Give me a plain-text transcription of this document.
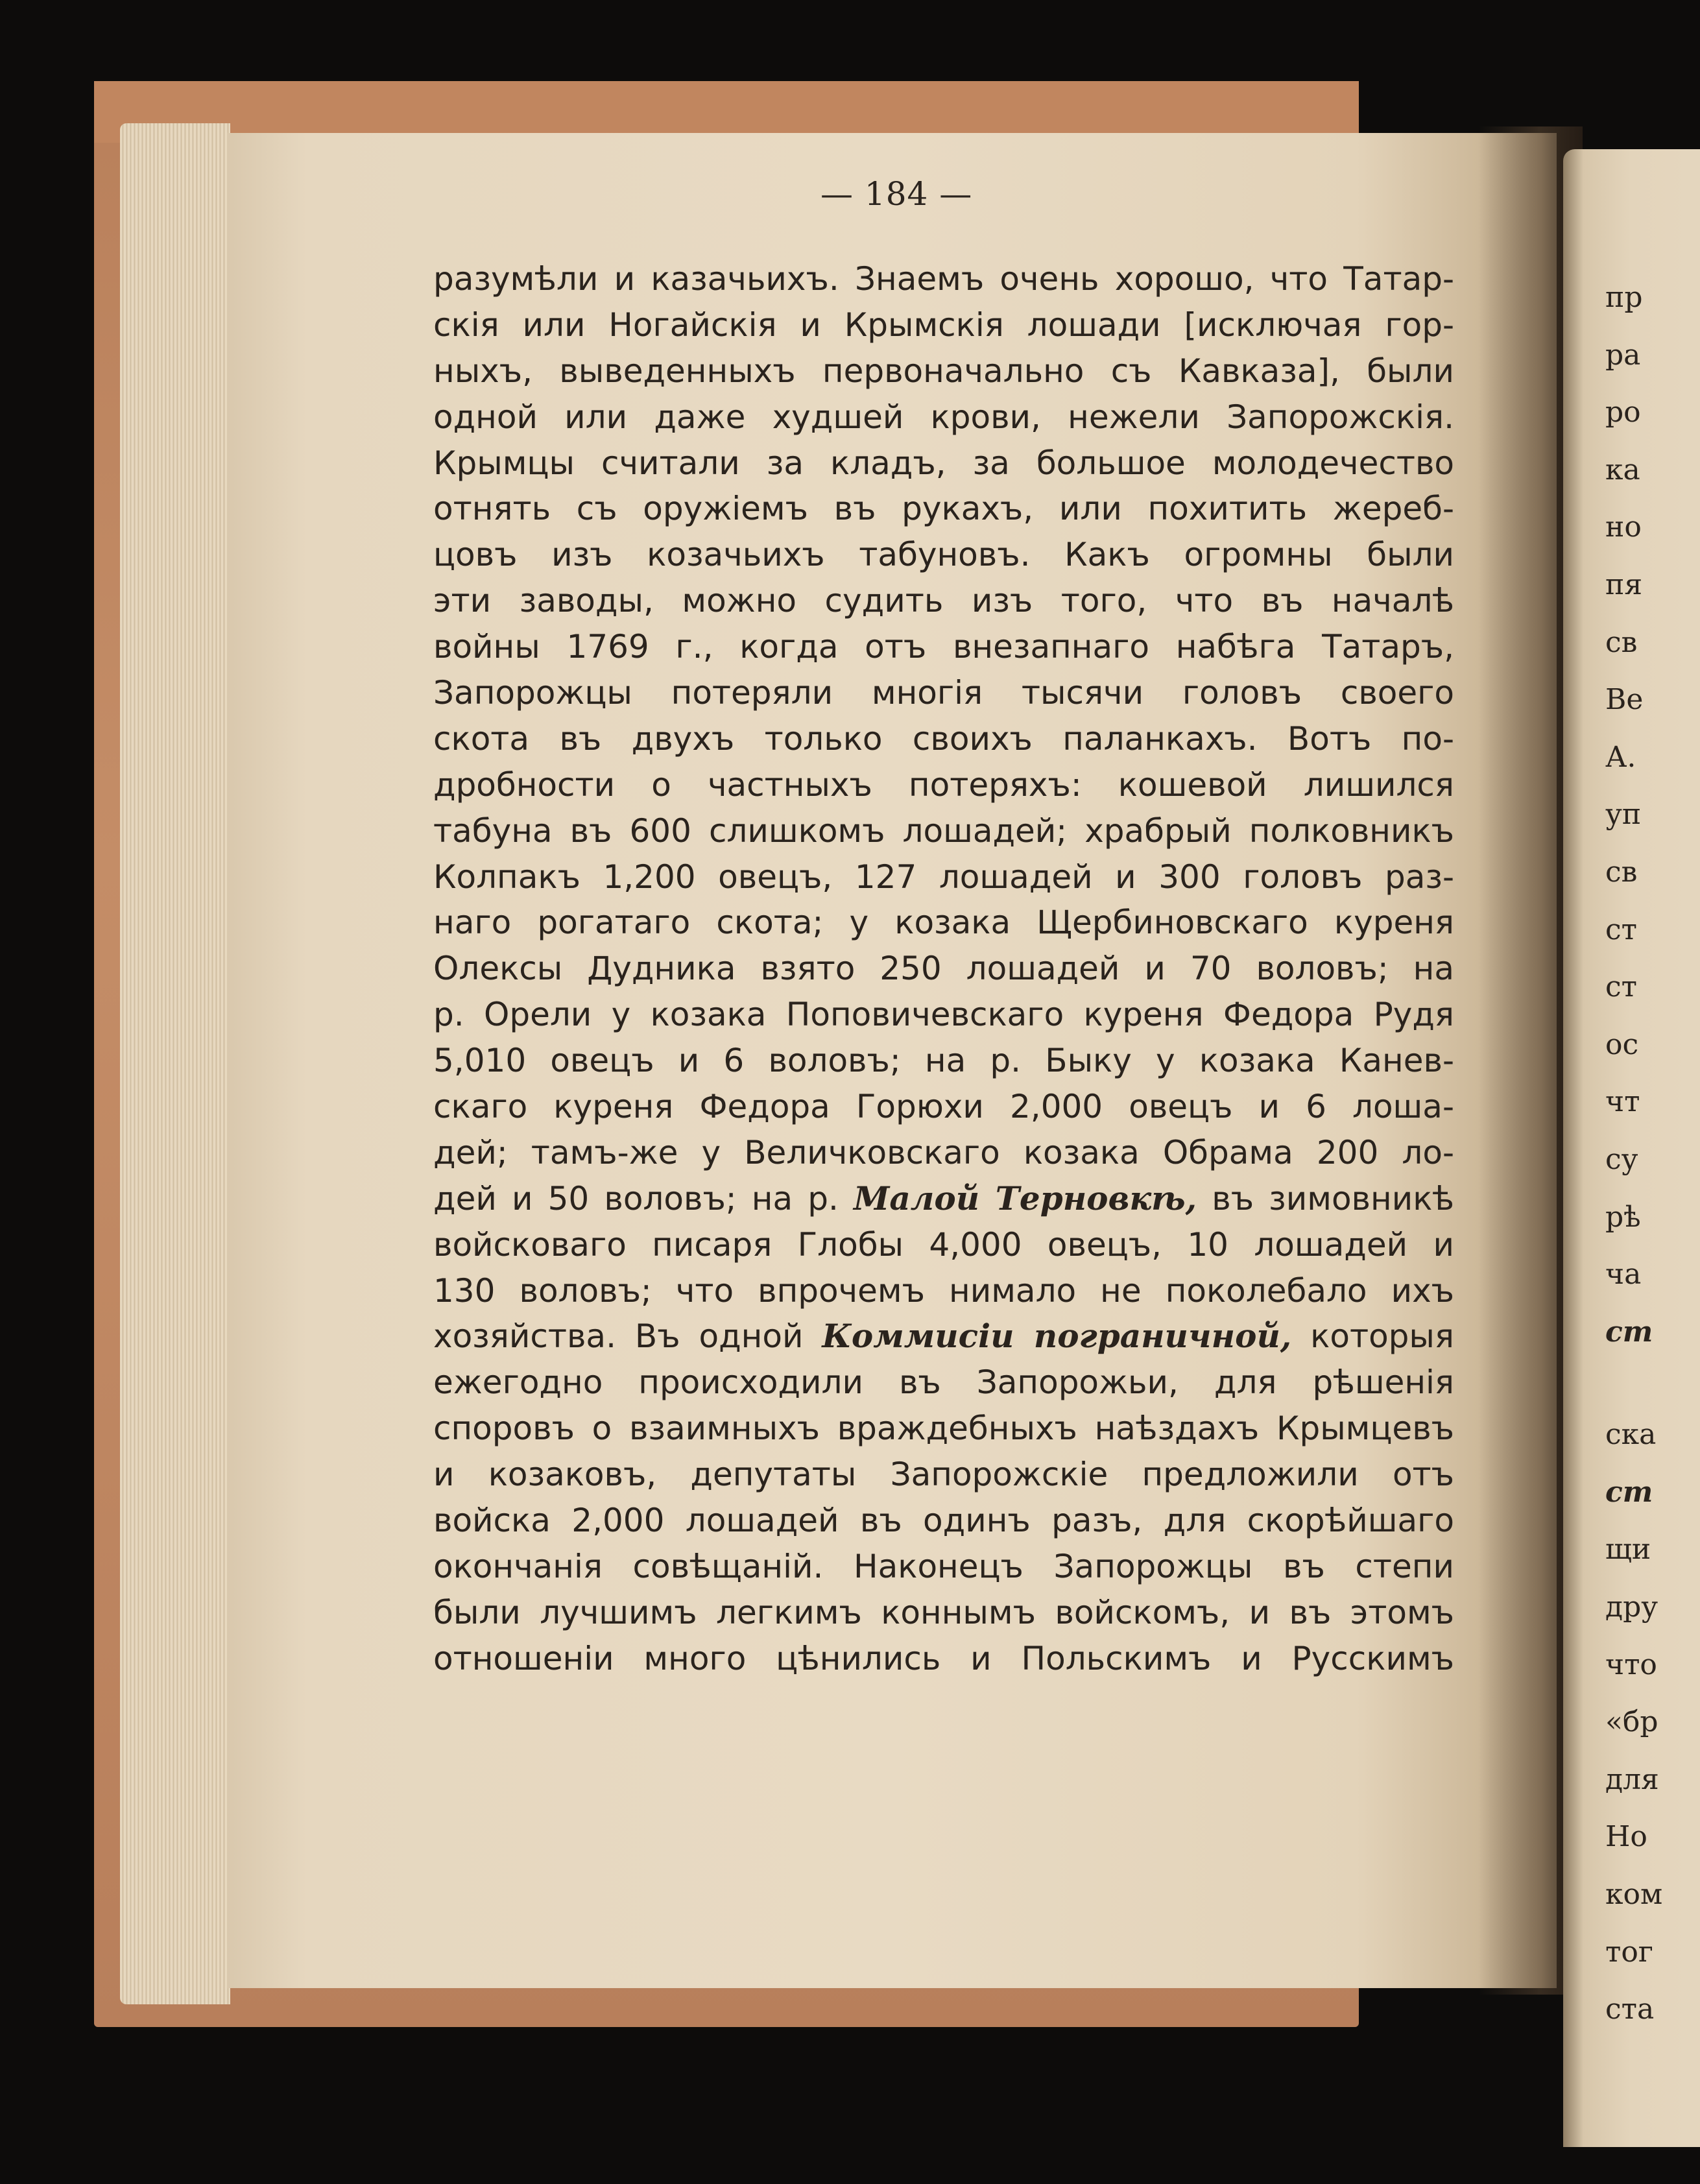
— 184 —
разумѣли и казачьихъ. Знаемъ очень хорошо, что Татар-
скія или Ногайскія и Крымскія лошади [исключая гор-
ныхъ, выведенныхъ первоначально съ Кавказа], были
одной или даже худшей крови, нежели Запорожскія.
Крымцы считали за кладъ, за большое молодечество
отнять съ оружіемъ въ рукахъ, или похитить жереб-
цовъ изъ козачьихъ табуновъ. Какъ огромны были
эти заводы, можно судить изъ того, что въ началѣ
войны 1769 г., когда отъ внезапнаго набѣга Татаръ,
Запорожцы потеряли многія тысячи головъ своего
скота въ двухъ только своихъ паланкахъ. Вотъ по-
дробности о частныхъ потеряхъ: кошевой лишился
табуна въ 600 слишкомъ лошадей; храбрый полковникъ
Колпакъ 1,200 овецъ, 127 лошадей и 300 головъ раз-
наго рогатаго скота; у козака Щербиновскаго куреня
Олексы Дудника взято 250 лошадей и 70 воловъ; на
р. Орели у козака Поповичевскаго куреня Федора Рудя
5,010 овецъ и 6 воловъ; на р. Быку у козака Канев-
скаго куреня Федора Горюхи 2,000 овецъ и 6 лоша-
дей; тамъ-же у Величковскаго козака Обрама 200 ло-
дей и 50 воловъ; на р. Малой Терновкѣ, въ зимовникѣ
войсковаго писаря Глобы 4,000 овецъ, 10 лошадей и
130 воловъ; что впрочемъ нимало не поколебало ихъ
хозяйства. Въ одной Коммисіи пограничной, которыя
ежегодно происходили въ Запорожьи, для рѣшенія
споровъ о взаимныхъ враждебныхъ наѣздахъ Крымцевъ
и козаковъ, депутаты Запорожскіе предложили отъ
войска 2,000 лошадей въ одинъ разъ, для скорѣйшаго
окончанія совѣщаній. Наконецъ Запорожцы въ степи
были лучшимъ легкимъ коннымъ войскомъ, и въ этомъ
отношеніи много цѣнились и Польскимъ и Русскимъ
пр
ра
ро
ка
но
пя
св
Ве
А.
уп
св
ст
ст
ос
чт
су
рѣ
ча
ст
ска
ст
щи
дру
что
«бр
для
Но
ком
тог
ста
